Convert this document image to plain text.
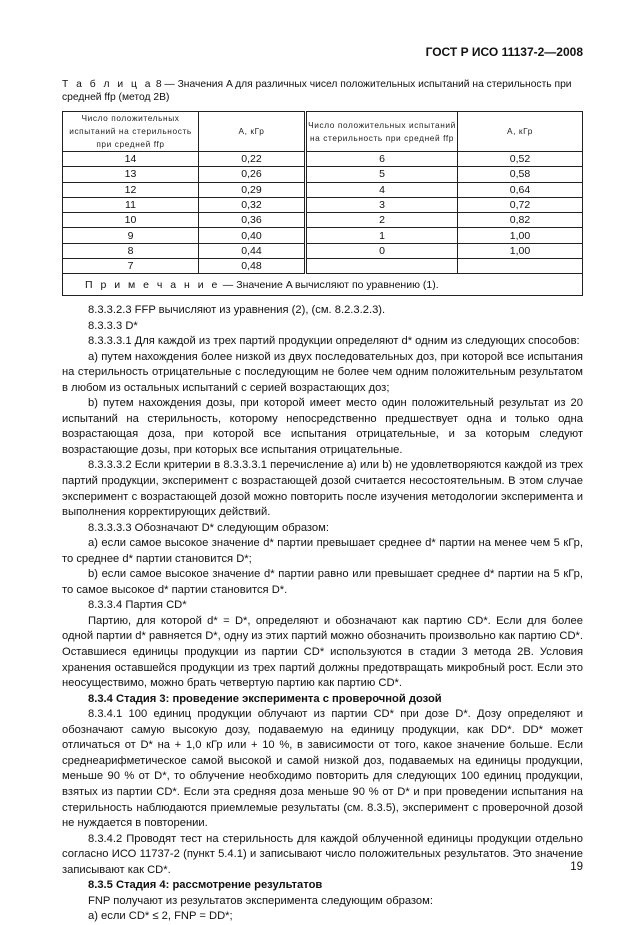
ГОСТ Р ИСО 11137-2—2008
Т а б л и ц а 8 — Значения A для различных чисел положительных испытаний на стерильность при средней ffp (метод 2B)
Число положительных испытаний на стерильность при средней ffp	A, кГр	Число положительных испытаний на стерильность при средней ffp	A, кГр
14	0,22	6	0,52
13	0,26	5	0,58
12	0,29	4	0,64
11	0,32	3	0,72
10	0,36	2	0,82
9	0,40	1	1,00
8	0,44	0	1,00
7	0,48		
П р и м е ч а н и е — Значение A вычисляют по уравнению (1).			

8.3.3.2.3 FFP вычисляют из уравнения (2), (см. 8.2.3.2.3).

8.3.3.3 D*

8.3.3.3.1 Для каждой из трех партий продукции определяют d* одним из следующих способов:

a) путем нахождения более низкой из двух последовательных доз, при которой все испытания на стерильность отрицательные с последующим не более чем одним положительным результатом в любом из остальных испытаний с серией возрастающих доз;

b) путем нахождения дозы, при которой имеет место один положительный результат из 20 испытаний на стерильность, которому непосредственно предшествует одна и только одна возрастающая доза, при которой все испытания отрицательные, и за которым следуют возрастающие дозы, при которых все испытания отрицательные.

8.3.3.3.2 Если критерии в 8.3.3.3.1 перечисление a) или b) не удовлетворяются каждой из трех партий продукции, эксперимент с возрастающей дозой считается несостоятельным. В этом случае эксперимент с возрастающей дозой можно повторить после изучения методологии эксперимента и выполнения корректирующих действий.

8.3.3.3.3 Обозначают D* следующим образом:

a) если самое высокое значение d* партии превышает среднее d* партии на менее чем 5 кГр, то среднее d* партии становится D*;

b) если самое высокое значение d* партии равно или превышает среднее d* партии на 5 кГр, то самое высокое d* партии становится D*.

8.3.3.4 Партия CD*

Партию, для которой d* = D*, определяют и обозначают как партию CD*. Если для более одной партии d* равняется D*, одну из этих партий можно обозначить произвольно как партию CD*. Оставшиеся единицы продукции из партии CD* используются в стадии 3 метода 2B. Условия хранения оставшейся продукции из трех партий должны предотвращать микробный рост. Если это неосуществимо, можно брать четвертую партию как партию CD*.

8.3.4 Стадия 3: проведение эксперимента с проверочной дозой

8.3.4.1 100 единиц продукции облучают из партии CD* при дозе D*. Дозу определяют и обозначают самую высокую дозу, подаваемую на единицу продукции, как DD*. DD* может отличаться от D* на + 1,0 кГр или + 10 %, в зависимости от того, какое значение больше. Если среднеарифметическое самой высокой и самой низкой доз, подаваемых на единицы продукции, меньше 90 % от D*, то облучение необходимо повторить для следующих 100 единиц продукции, взятых из партии CD*. Если эта средняя доза меньше 90 % от D* и при проведении испытания на стерильность наблюдаются приемлемые результаты (см. 8.3.5), эксперимент с проверочной дозой не нуждается в повторении.

8.3.4.2 Проводят тест на стерильность для каждой облученной единицы продукции отдельно согласно ИСО 11737-2 (пункт 5.4.1) и записывают число положительных результатов. Это значение записывают как CD*.

8.3.5 Стадия 4: рассмотрение результатов

FNP получают из результатов эксперимента следующим образом:

a) если CD* ≤ 2, FNP = DD*;

19
